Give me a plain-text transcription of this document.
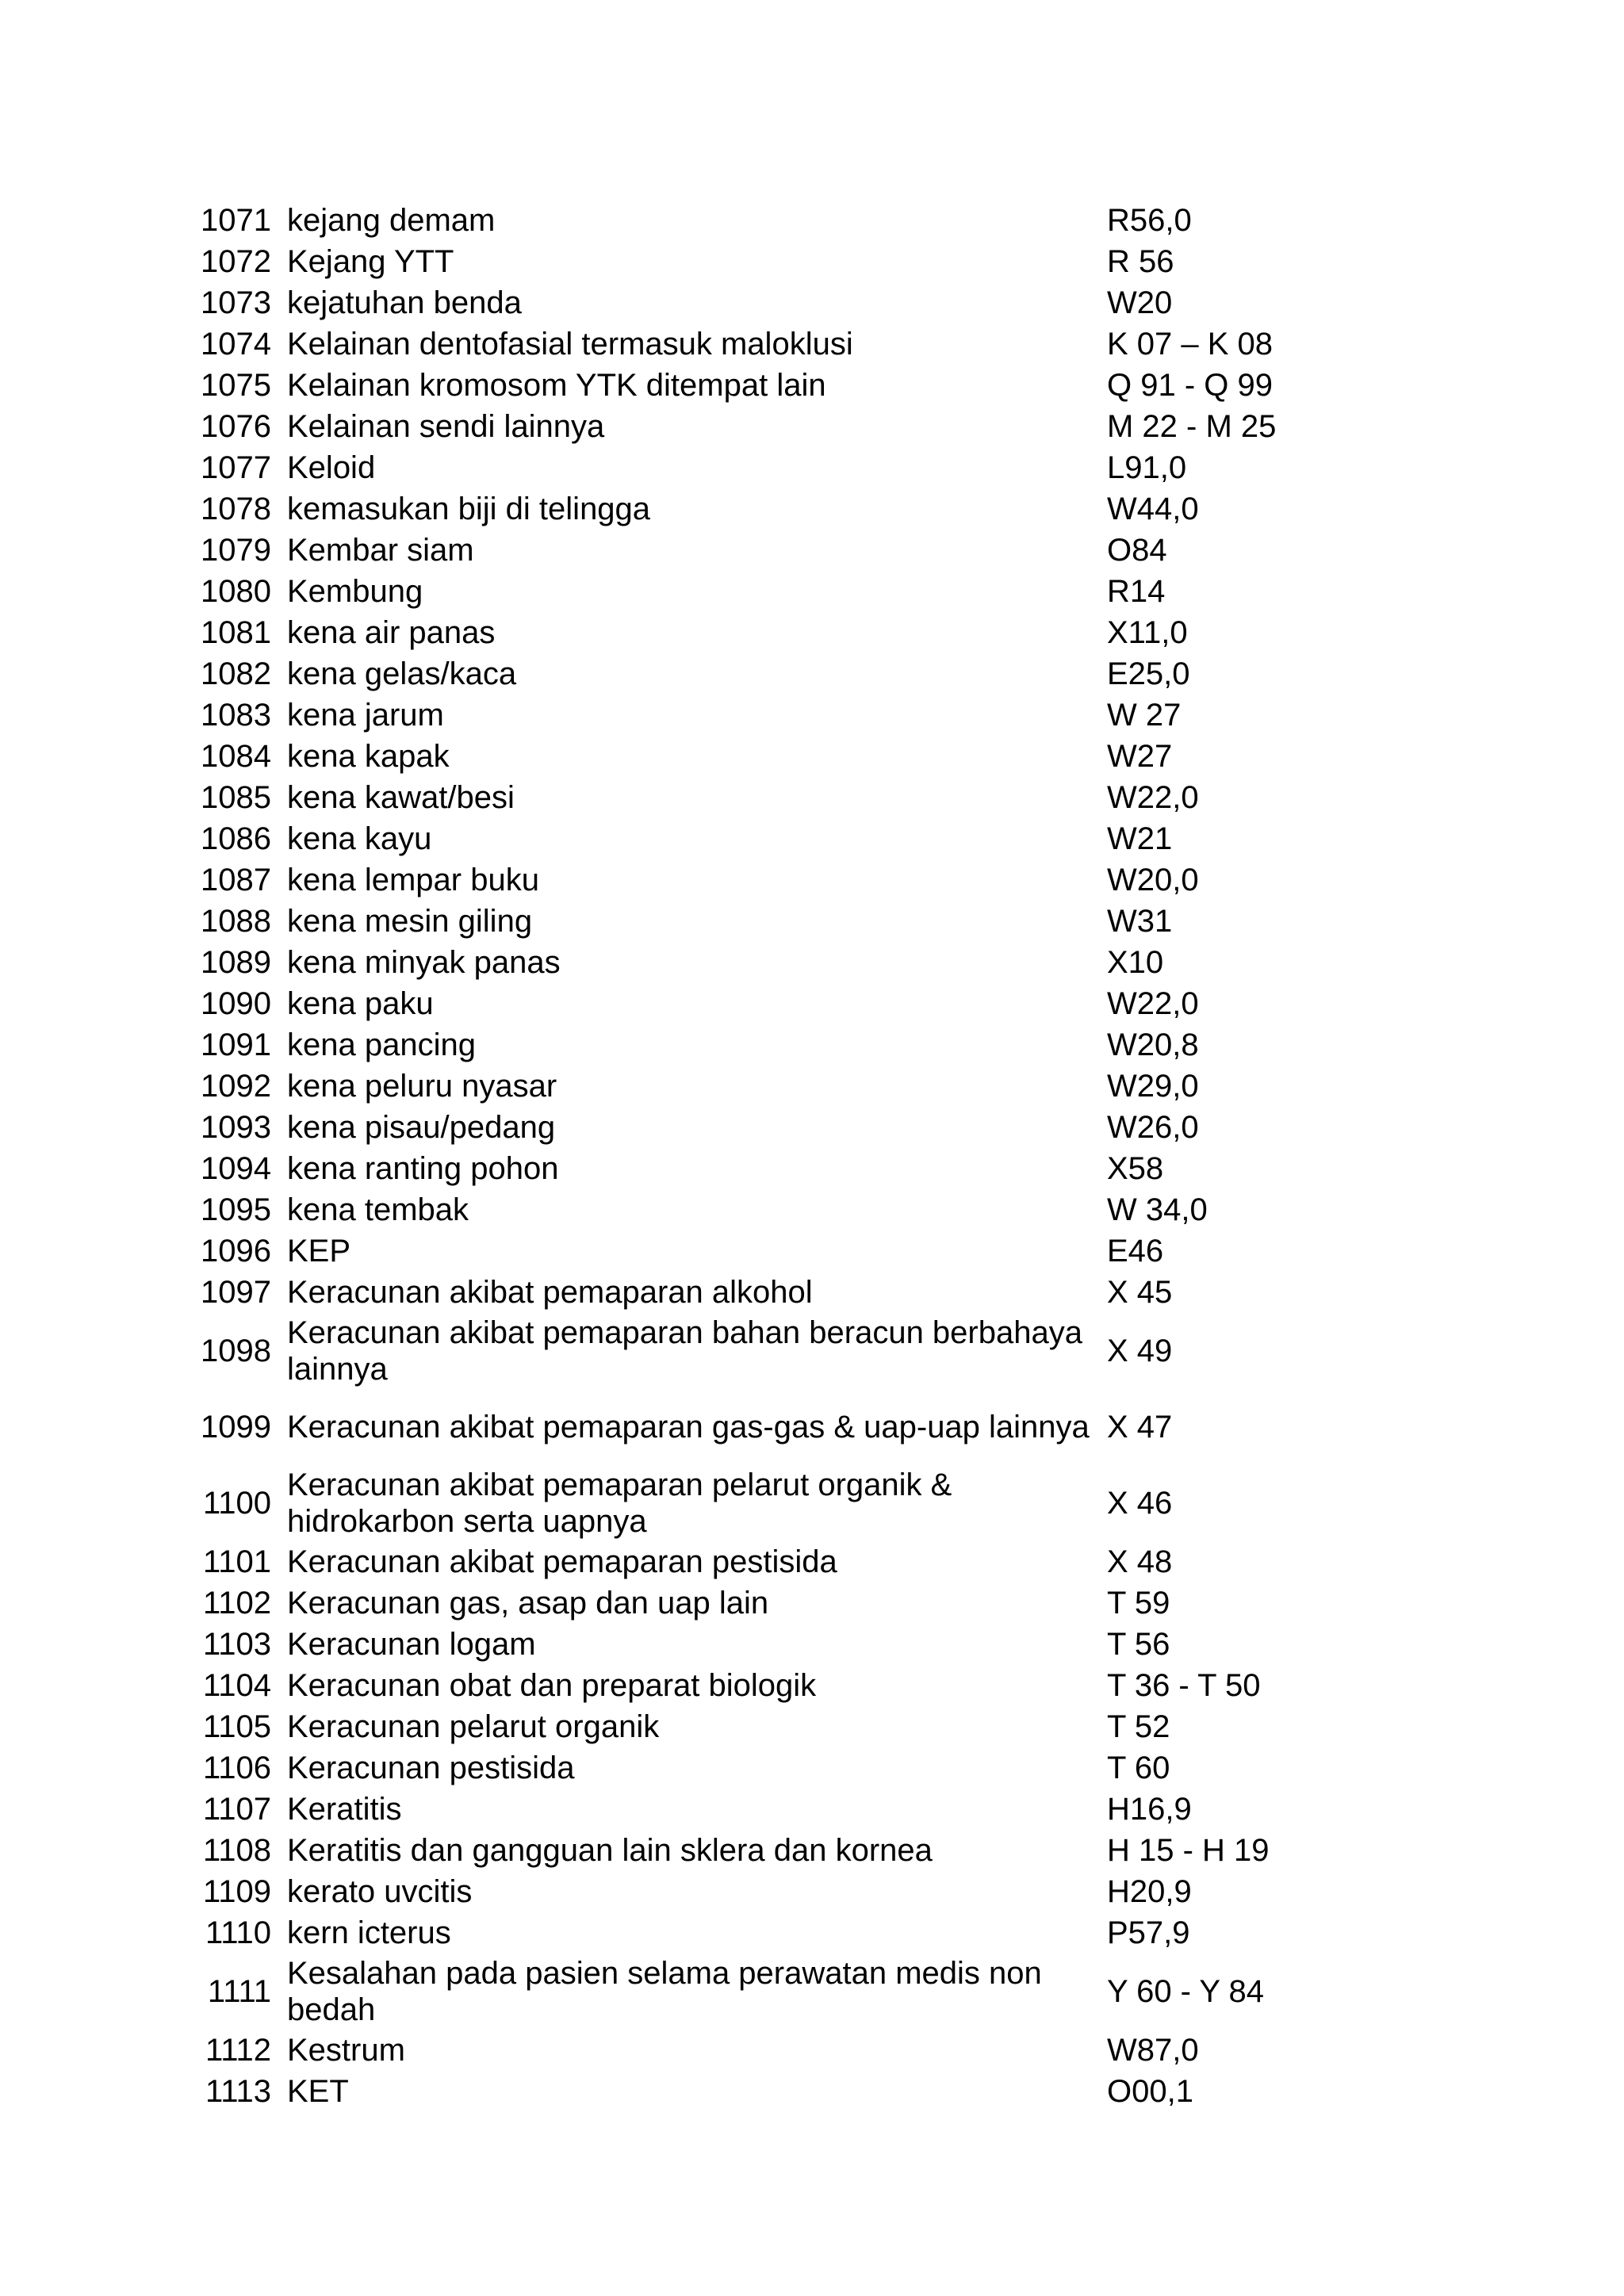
1071	kejang demam	R56,0
1072	Kejang YTT	R 56
1073	kejatuhan benda	W20
1074	Kelainan dentofasial termasuk maloklusi	K 07 – K 08
1075	Kelainan kromosom YTK ditempat lain	Q 91 - Q 99
1076	Kelainan sendi lainnya	M 22 - M 25
1077	Keloid	L91,0
1078	kemasukan biji di telingga	W44,0
1079	Kembar siam	O84
1080	Kembung	R14
1081	kena air panas	X11,0
1082	kena gelas/kaca	E25,0
1083	kena jarum	W 27
1084	kena kapak	W27
1085	kena kawat/besi	W22,0
1086	kena kayu	W21
1087	kena lempar buku	W20,0
1088	kena mesin giling	W31
1089	kena minyak panas	X10
1090	kena paku	W22,0
1091	kena pancing	W20,8
1092	kena peluru nyasar	W29,0
1093	kena pisau/pedang	W26,0
1094	kena ranting pohon	X58
1095	kena tembak	W 34,0
1096	KEP	E46
1097	Keracunan akibat pemaparan alkohol	X 45
1098	Keracunan akibat pemaparan bahan beracun berbahaya lainnya	X 49
1099	Keracunan akibat pemaparan gas-gas & uap-uap lainnya	X 47
1100	Keracunan akibat pemaparan pelarut organik & hidrokarbon serta uapnya	X 46
1101	Keracunan akibat pemaparan pestisida	X 48
1102	Keracunan gas, asap dan uap lain	T 59
1103	Keracunan logam	T 56
1104	Keracunan obat dan preparat biologik	T 36 - T 50
1105	Keracunan pelarut organik	T 52
1106	Keracunan pestisida	T 60
1107	Keratitis	H16,9
1108	Keratitis dan gangguan lain sklera dan kornea	H 15 - H 19
1109	kerato uvcitis	H20,9
1110	kern icterus	P57,9
1111	Kesalahan pada pasien selama perawatan medis non bedah	Y 60 - Y 84
1112	Kestrum	W87,0
1113	KET	O00,1
